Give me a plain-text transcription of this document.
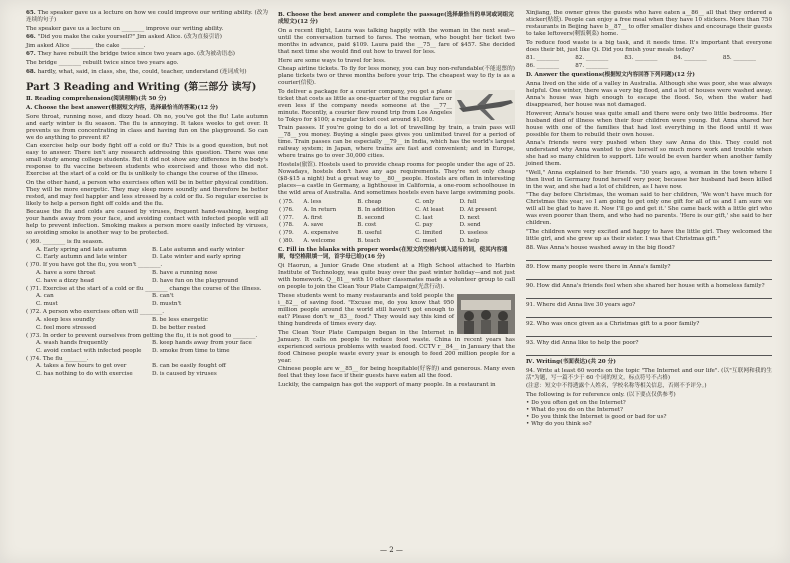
65. The speaker gave us a lecture on how we could improve our writing ability. (改为连续的句子)

The speaker gave us a lecture on ________ improve our writing ability.

66. "Did you make the cake yourself?" Jim asked Alice. (改为直接引语)

Jim asked Alice ________ the cake ________.

67. They have rebuilt the bridge twice since two years ago. (改为被动语态)

The bridge ________ rebuilt twice since two years ago.

68. hardly, what, said, in class, she, the, could, teacher, understand (连词成句)

Part 3 Reading and Writing (第三部分 读写)
Ⅱ. Reading comprehension(阅读理解)(共 50 分)
A. Choose the best answer(根据短文内容，选择最恰当的答案)(12 分)

Sore throat, running nose, and dizzy head. Oh no, you've got the flu! Late autumn and early winter is flu season. The flu is annoying. It takes weeks to get over. It prevents us from concentrating in class and having fun on the playground. So can we do anything to prevent it?

Can exercise help our body fight off a cold or flu? This is a good question, but not easy to answer. There isn't any research addressing this question. There was one small study among college students. But it did not show any difference in the body's response to flu vaccine between students who exercised and those who did not. Exercise at the start of a cold or flu is unlikely to change the course of the illness.

On the other hand, a person who exercises often will be in better physical condition. They will be more energetic. They may sleep more soundly and therefore be better rested, and may feel happier and less stressed by a cold or flu. So regular exercise is likely to help a person fight off colds and the flu.

Because the flu and colds are caused by viruses, frequent hand-washing, keeping your hands away from your face, and avoiding contact with infected people will all help to prevent infection. Smoking makes a person more easily infected by viruses, so avoiding smoke is another way to be protected.

( )69. ________ is flu season.
A. Early spring and late autumn	B. Late autumn and early winter
C. Early autumn and late winter	D. Late winter and early spring
( )70. If you have got the flu, you won't ________.
A. have a sore throat	B. have a running nose
C. have a dizzy head	D. have fun on the playground
( )71. Exercise at the start of a cold or flu ________ change the course of the illness.
A. can	B. can't
C. must	D. mustn't
( )72. A person who exercises often will ________.
A. sleep less soundly	B. be less energetic
C. feel more stressed	D. be better rested
( )73. In order to prevent ourselves from getting the flu, it is not good to ________.
A. wash hands frequently	B. keep hands away from your face
C. avoid contact with infected people	D. smoke from time to time
( )74. The flu ________.
A. takes a few hours to get over	B. can be easily fought off
C. has nothing to do with exercise	D. is caused by viruses
B. Choose the best answer and complete the passage(选择最恰当的单词或词组完成短文)(12 分)

On a recent flight, Laura was talking happily with the woman in the next seat—until the conversation turned to fares. The woman, who bought her ticket two months in advance, paid $109. Laura paid the __75__ fare of $457. She decided that next time she would find out how to travel for less.

Here are some ways to travel for less.

Cheap airline tickets. To fly for less money, you can buy non-refundable(不能退票的) plane tickets two or three months before your trip. The cheapest way to fly is as a courier(信使).

To deliver a package for a courier company, you get a plane ticket that costs as little as one-quarter of the regular fare or even less if the company needs someone at the __77__ minute. Recently, a courier flew round trip from Los Angeles to Tokyo for $100; a regular ticket cost around $1,800.

Train passes. If you're going to do a lot of travelling by train, a train pass will __78__ you money. Buying a single pass gives you unlimited travel for a period of time. Train passes can be especially __79__ in India, which has the world's largest railway system; in Japan, where trains are fast and convenient; and in Europe, where trains go to over 30,000 cities.

Hostels(旅馆). Hostels used to provide cheap rooms for people under the age of 25. Nowadays, hostels don't have any age requirements. They're not only cheap ($8-$15 a night) but a great way to __80__ people. Hostels are often in interesting places—a castle in Germany, a lighthouse in California, a one-room schoolhouse in the wild area of Australia. And sometimes hostels even have large swimming pools.

( )75.	A. less	B. cheap	C. only	D. full
( )76.	A. In return	B. In addition	C. At least	D. At present
( )77.	A. first	B. second	C. last	D. next
( )78.	A. save	B. cost	C. pay	D. send
( )79.	A. expensive	B. useful	C. limited	D. useless
( )80.	A. welcome	B. teach	C. meet	D. help
C. Fill in the blanks with proper words(在短文的空格内填入适当的词，使其内容通顺，每空格限填一词，首字母已给)(16 分)

Qi Haorun, a Junior Grade One student at a High School attached to Harbin Institute of Technology, was quite busy over the past winter holiday—and not just with homework. Q__81__ with 10 other classmates made a volunteer group to call on people to join the Clean Your Plate Campaign(光盘行动).

These students went to many restaurants and told people the i__82__ of saving food. "Excuse me, do you know that 950 million people around the world still haven't got enough to eat? Please don't w__83__ food." They would say this kind of thing hundreds of times every day.

The Clean Your Plate Campaign began in the Internet in January. It calls on people to reduce food waste. China in recent years has experienced serious problems with wasted food. CCTV r__84__ in January that the food Chinese people waste every year is enough to feed 200 million people for a year.

Chinese people are w__85__ for being hospitable(好客的) and generous. Many even feel that they lose face if their guests have eaten all the food.

Luckily, the campaign has got the support of many people. In a restaurant in

Xinjiang, the owner gives the guests who have eaten a__86__ all that they ordered a sticker(贴纸). People can enjoy a free meal when they have 10 stickers. More than 750 restaurants in Beijing have b__87__ to offer smaller dishes and encourage their guests to take leftovers(剩饭剩菜) home.

To reduce food waste is a big task, and it needs time. It's important that everyone does their bit, just like Qi. Did you finish your meals today?

81. ________	82. ________	83. ________	84. ________	85. ________
86. ________	87. ________
D. Answer the questions(根据短文内容回答下列问题)(12 分)

Anna lived on the side of a valley in Australia. Although she was poor, she was always helpful. One winter, there was a very big flood, and a lot of houses were washed away. Anna's house was high enough to escape the flood. So, when the water had disappeared, her house was not damaged.

However, Anna's house was quite small and there were only two little bedrooms. Her husband died of illness when their four children were young. But Anna shared her house with one of the families that had lost everything in the flood until it was possible for them to rebuild their own house.

Anna's friends were very pushed when they saw Anna do this. They could not understand why Anna wanted to give herself so much more work and trouble when she had so many children to support. Life would be even harder when another family joined them.

"Well," Anna explained to her friends. "30 years ago, a woman in the town where I then lived in Germany found herself very poor, because her husband had been killed in the war, and she had a lot of children, as I have now.

"The day before Christmas, the woman said to her children, 'We won't have much for Christmas this year, so I am going to get only one gift for all of us and I am sure we will all be glad to have it. Now I'll go and get it.' She came back with a little girl who was even poorer than them, and who had no parents. 'Here is our gift,' she said to her children.

"The children were very excited and happy to have the little girl. They welcomed the little girl, and she grew up as their sister. I was that Christmas gift."

88. Was Anna's house washed away in the big flood?
89. How many people were there in Anna's family?
90. How did Anna's friends feel when she shared her house with a homeless family?
91. Where did Anna live 30 years ago?
92. Who was once given as a Christmas gift to a poor family?
93. Why did Anna like to help the poor?
Ⅳ. Writing(书面表达)(共 20 分)

94. Write at least 60 words on the topic "The Internet and our life". (以"互联网和我的生活"为题，写一篇不少于 60 个词的短文，标点符号不占格)

(注意：短文中不得透露个人姓名，学校名称等相关信息，否则不予评分。)

The following is for reference only. (以下要点仅供参考)

• Do you often get on the Internet?
• What do you do on the Internet?
• Do you think the Internet is good or bad for us?
• Why do you think so?
— 2 —
